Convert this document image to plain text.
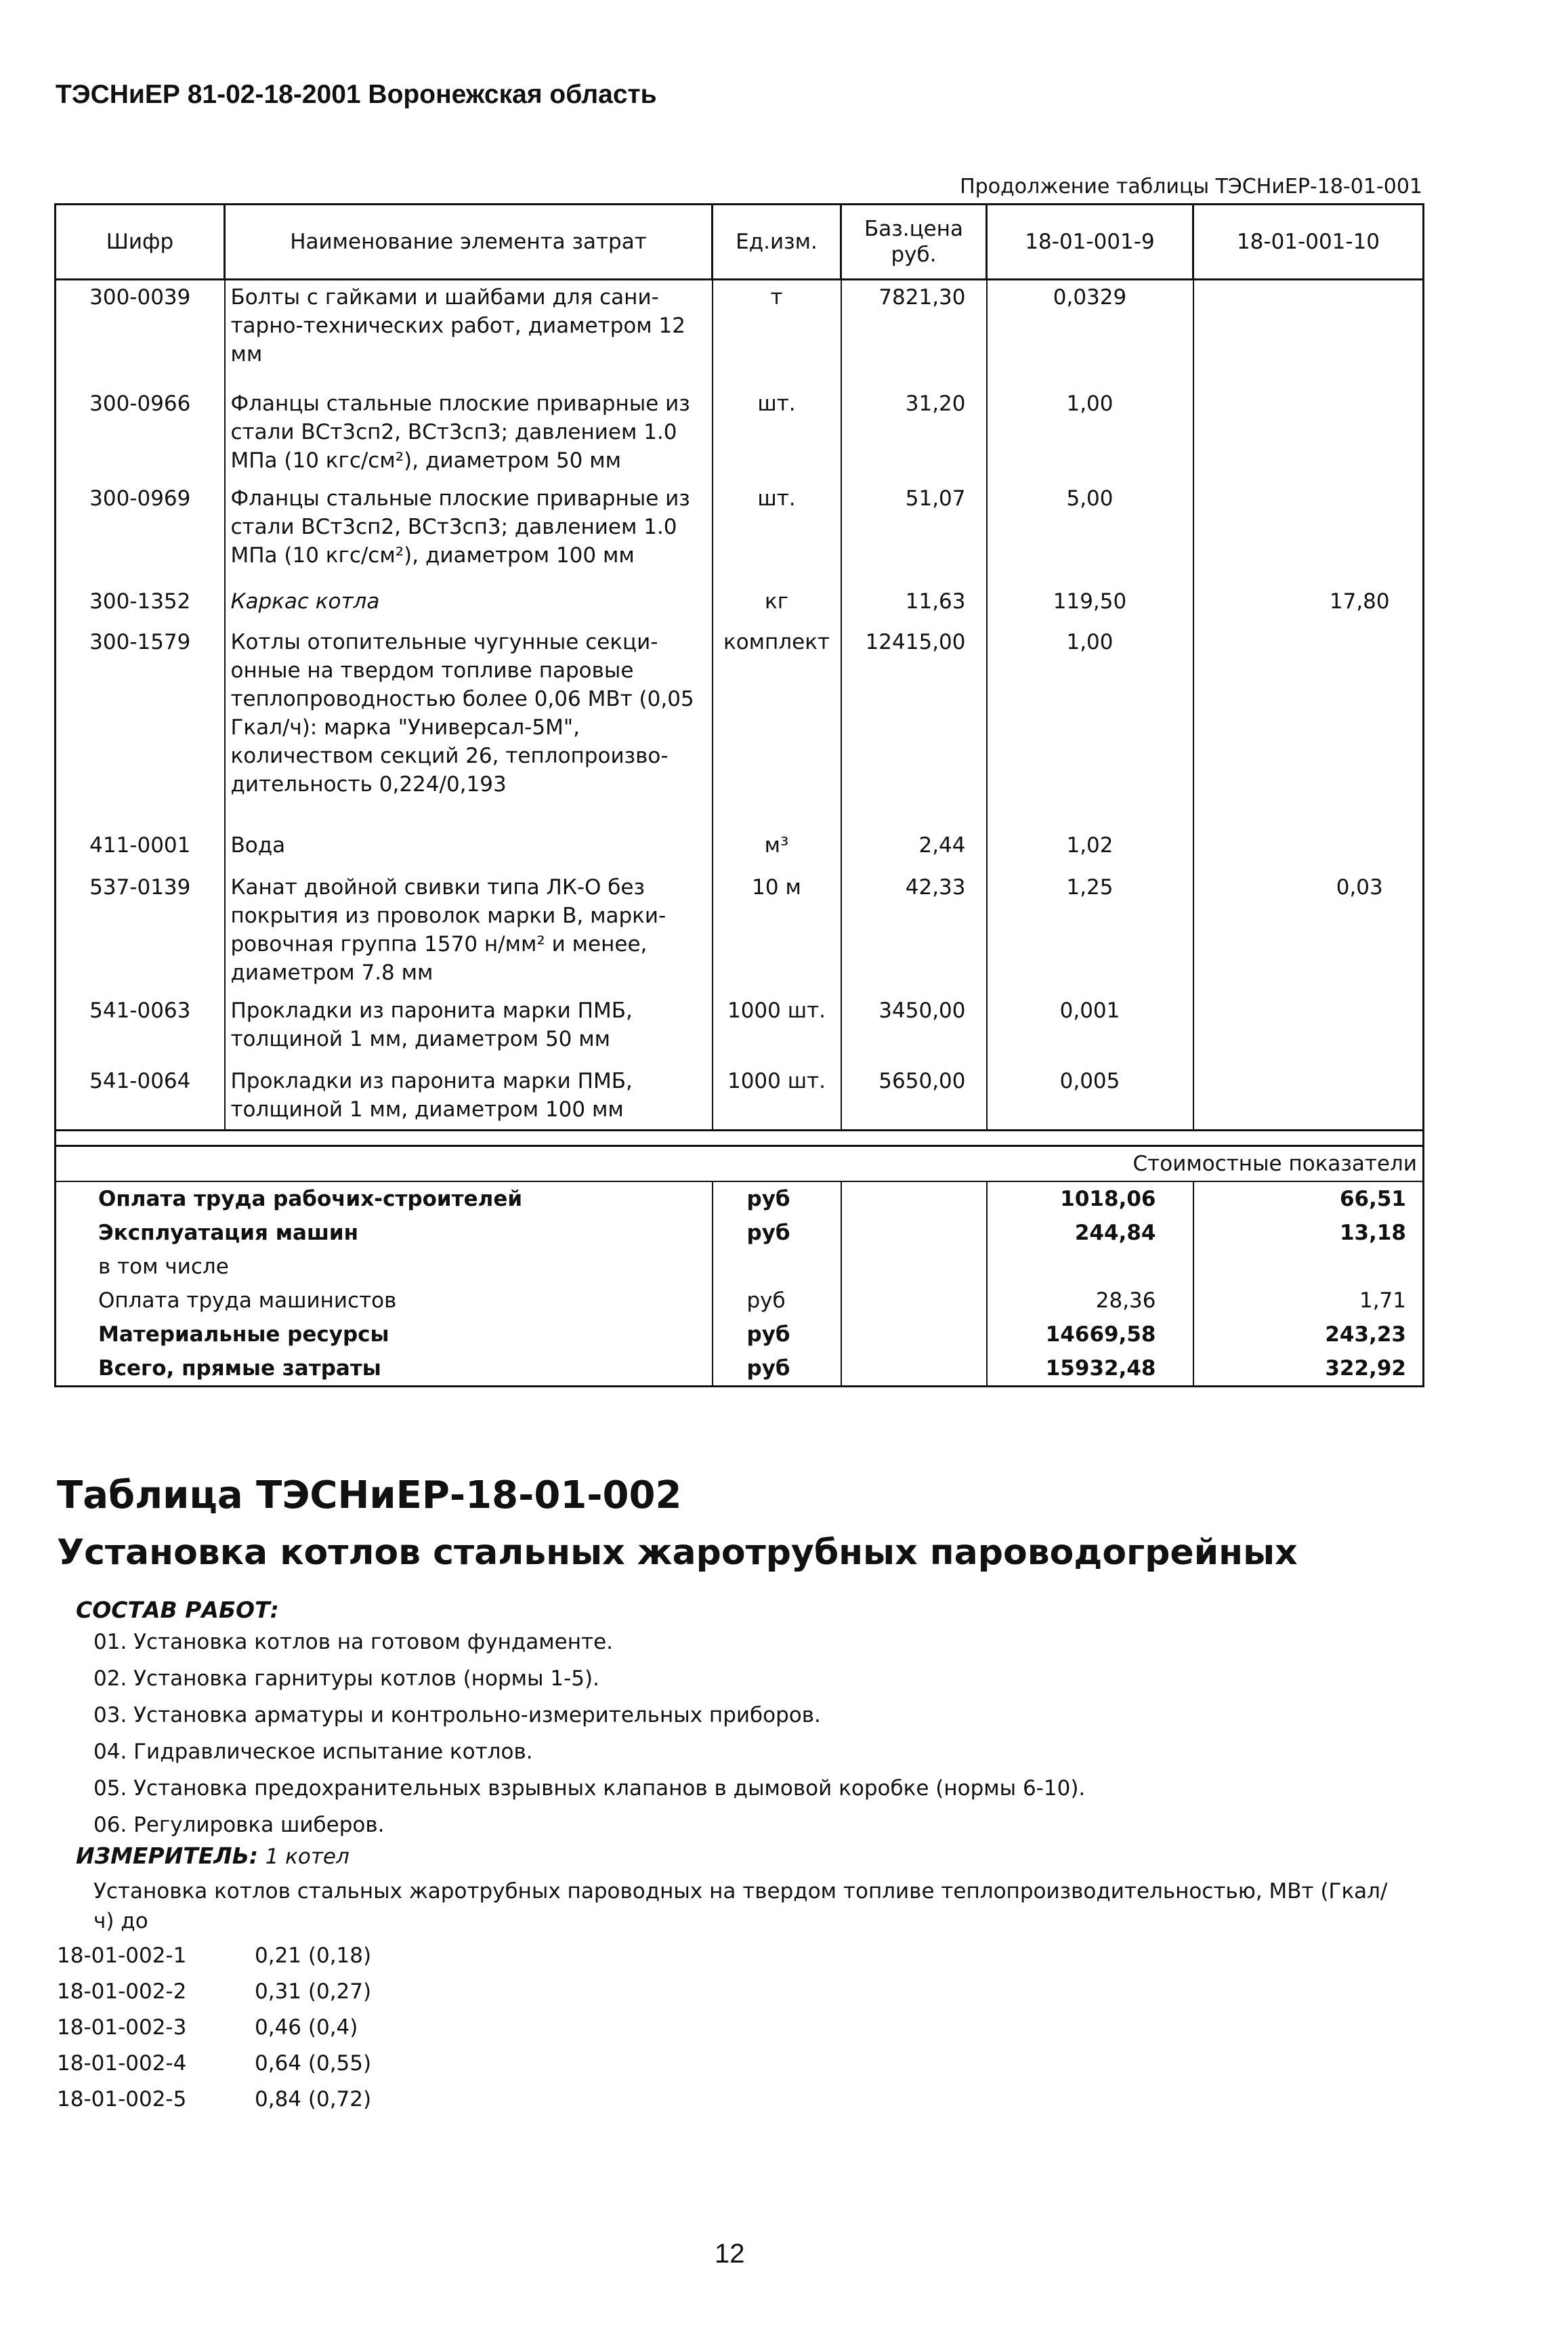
ТЭСНиЕР 81-02-18-2001 Воронежская область
Продолжение таблицы ТЭСНиЕР-18-01-001
Шифр	Наименование элемента затрат	Ед.изм.	Баз.цена руб.	18-01-001-9	18-01-001-10
300-0039	Болты с гайками и шайбами для сани-тарно-технических работ, диаметром 12 мм	т	7821,30	0,0329	
300-0966	Фланцы стальные плоские приварные из стали ВСт3сп2, ВСт3сп3; давлением 1.0 МПа (10 кгс/см²), диаметром 50 мм	шт.	31,20	1,00	
300-0969	Фланцы стальные плоские приварные из стали ВСт3сп2, ВСт3сп3; давлением 1.0 МПа (10 кгс/см²), диаметром 100 мм	шт.	51,07	5,00	
300-1352	Каркас котла	кг	11,63	119,50	17,80
300-1579	Котлы отопительные чугунные секци-онные на твердом топливе паровые теплопроводностью более 0,06 МВт (0,05 Гкал/ч): марка "Универсал-5М", количеством секций 26, теплопроизво-дительность 0,224/0,193	комплект	12415,00	1,00	
411-0001	Вода	м³	2,44	1,02	
537-0139	Канат двойной свивки типа ЛК-О без покрытия из проволок марки В, марки-ровочная группа 1570 н/мм² и менее, диаметром 7.8 мм	10 м	42,33	1,25	0,03
541-0063	Прокладки из паронита марки ПМБ, толщиной 1 мм, диаметром 50 мм	1000 шт.	3450,00	0,001	
541-0064	Прокладки из паронита марки ПМБ, толщиной 1 мм, диаметром 100 мм	1000 шт.	5650,00	0,005	

Стоимостные показатели					
Оплата труда рабочих-строителей		руб		1018,06	66,51
Эксплуатация машин		руб		244,84	13,18
в том числе					
Оплата труда машинистов		руб		28,36	1,71
Материальные ресурсы		руб		14669,58	243,23
Всего, прямые затраты		руб		15932,48	322,92
Таблица ТЭСНиЕР-18-01-002
Установка котлов стальных жаротрубных пароводогрейных
СОСТАВ РАБОТ:
01. Установка котлов на готовом фундаменте.
02. Установка гарнитуры котлов (нормы 1-5).
03. Установка арматуры и контрольно-измерительных приборов.
04. Гидравлическое испытание котлов.
05. Установка предохранительных взрывных клапанов в дымовой коробке (нормы 6-10).
06. Регулировка шиберов.
ИЗМЕРИТЕЛЬ: 1 котел
Установка котлов стальных жаротрубных пароводных на твердом топливе теплопроизводительностью, МВт (Гкал/ч) до
18-01-002-1	0,21 (0,18)
18-01-002-2	0,31 (0,27)
18-01-002-3	0,46 (0,4)
18-01-002-4	0,64 (0,55)
18-01-002-5	0,84 (0,72)
12
